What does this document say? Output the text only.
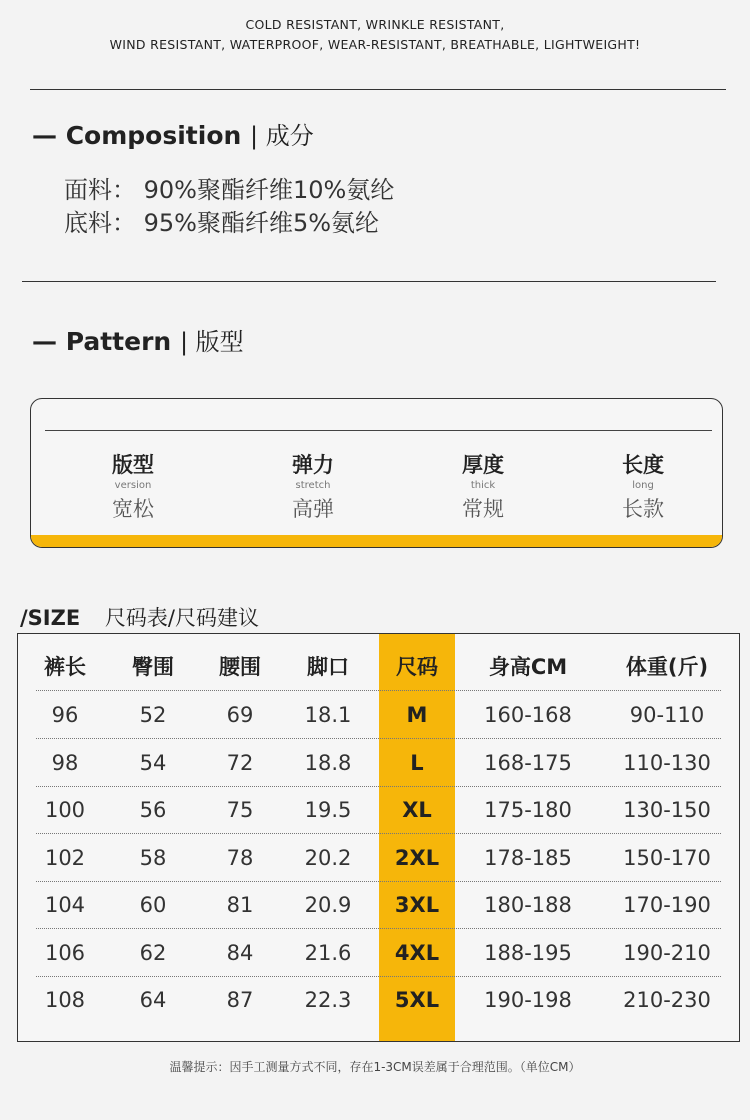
COLD RESISTANT, WRINKLE RESISTANT,
WIND RESISTANT, WATERPROOF, WEAR-RESISTANT, BREATHABLE, LIGHTWEIGHT!
— Composition | 成分
面料： 90%聚酯纤维10%氨纶
底料： 95%聚酯纤维5%氨纶
— Pattern | 版型
版型
version
宽松
弹力
stretch
高弹
厚度
thick
常规
长度
long
长款
/SIZE 尺码表/尺码建议
裤长	臀围	腰围	脚口	尺码	身高CM	体重(斤)
96	52	69	18.1	M	160-168	90-110
98	54	72	18.8	L	168-175 110-130
100	56	75	19.5	XL	175-180 130-150
102	58	78	20.2	2XL	178-185 150-170
104	60	81	20.9	3XL	180-188 170-190
106	62	84	21.6	4XL	188-195 190-210
108	64	87	22.3	5XL	190-198 210-230
温馨提示：因手工测量方式不同，存在1-3CM误差属于合理范围。（单位CM）
